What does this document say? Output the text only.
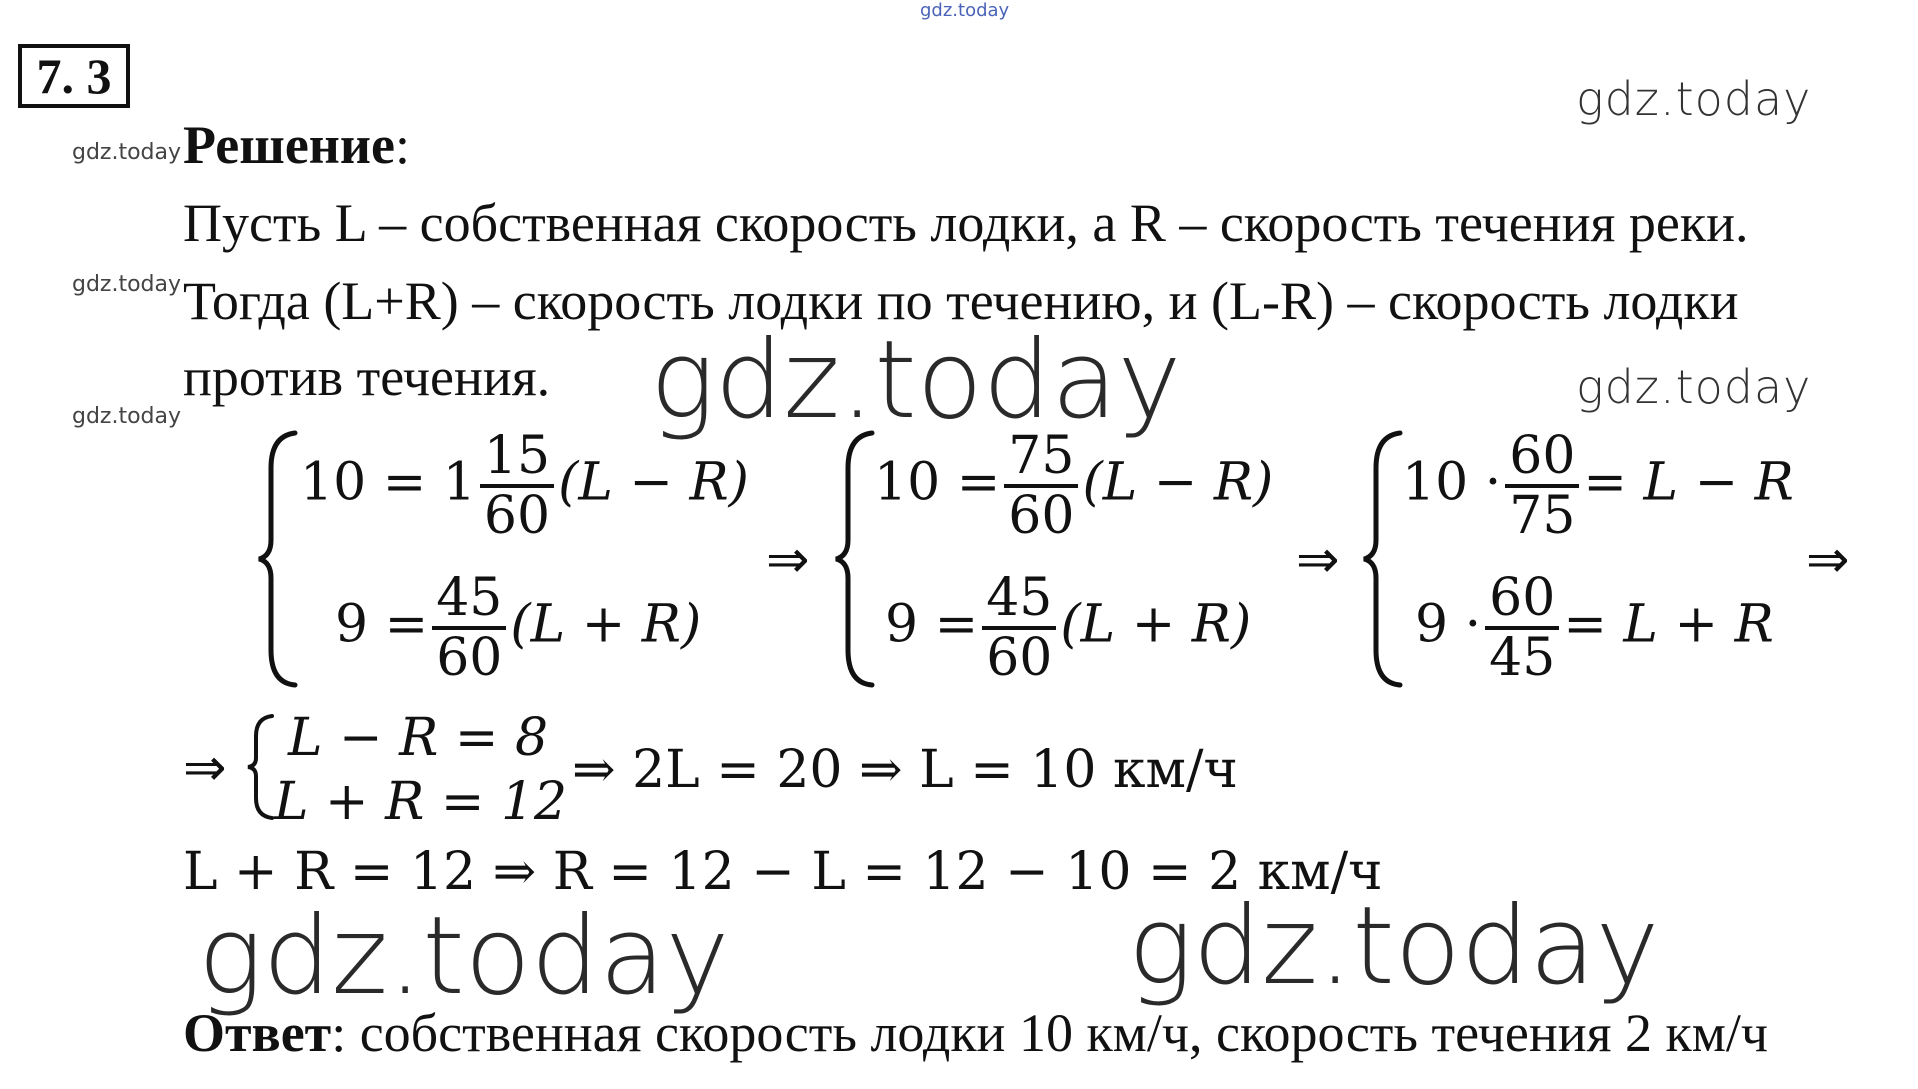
gdz.today
gdz.today
gdz.today
gdz.today
gdz.today
gdz.today
gdz.today
gdz.today	gdz.today
7. 3
Решение:
Пусть L – собственная скорость лодки, а R – скорость течения реки.
Тогда (L+R) – скорость лодки по течению, и (L-R) – скорость лодки
против течения.
$10 = 1 \frac{15}{60} (L - R)$
$9 = \frac{45}{60} (L + R)$
⇒
$10 = \frac{75}{60} (L - R)$
$9 = \frac{45}{60} (L + R)$
⇒
$10 \cdot \frac{60}{75} = L - R$
$9 \cdot \frac{60}{45} = L + R$
⇒
⇒ L − R = 8
L + R = 12
⇒ 2L = 20 ⇒ L = 10 км/ч
L + R = 12 ⇒ R = 12 − L = 12 − 10 = 2 км/ч
Ответ: собственная скорость лодки 10 км/ч, скорость течения 2 км/ч
